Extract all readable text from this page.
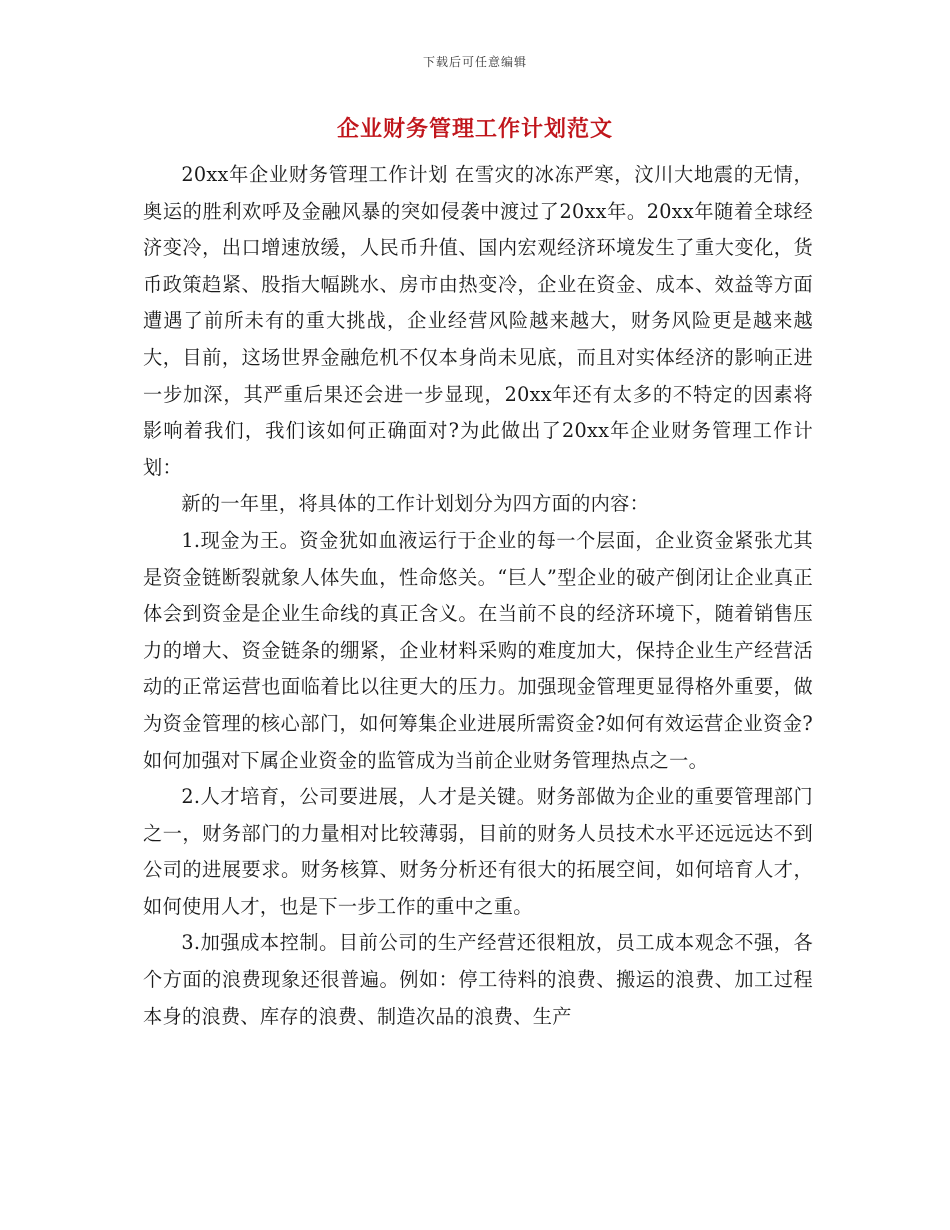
下载后可任意编辑
企业财务管理工作计划范文

20xx年企业财务管理工作计划 在雪灾的冰冻严寒，汶川大地震的无情，奥运的胜利欢呼及金融风暴的突如侵袭中渡过了20xx年。20xx年随着全球经济变冷，出口增速放缓，人民币升值、国内宏观经济环境发生了重大变化，货币政策趋紧、股指大幅跳水、房市由热变冷，企业在资金、成本、效益等方面遭遇了前所未有的重大挑战，企业经营风险越来越大，财务风险更是越来越大，目前，这场世界金融危机不仅本身尚未见底，而且对实体经济的影响正进一步加深，其严重后果还会进一步显现，20xx年还有太多的不特定的因素将影响着我们，我们该如何正确面对?为此做出了20xx年企业财务管理工作计划：

新的一年里，将具体的工作计划划分为四方面的内容：

1.现金为王。资金犹如血液运行于企业的每一个层面，企业资金紧张尤其是资金链断裂就象人体失血，性命悠关。“巨人”型企业的破产倒闭让企业真正体会到资金是企业生命线的真正含义。在当前不良的经济环境下，随着销售压力的增大、资金链条的绷紧，企业材料采购的难度加大，保持企业生产经营活动的正常运营也面临着比以往更大的压力。加强现金管理更显得格外重要，做为资金管理的核心部门，如何筹集企业进展所需资金?如何有效运营企业资金?如何加强对下属企业资金的监管成为当前企业财务管理热点之一。

2.人才培育，公司要进展，人才是关键。财务部做为企业的重要管理部门之一，财务部门的力量相对比较薄弱，目前的财务人员技术水平还远远达不到公司的进展要求。财务核算、财务分析还有很大的拓展空间，如何培育人才，如何使用人才，也是下一步工作的重中之重。

3.加强成本控制。目前公司的生产经营还很粗放，员工成本观念不强，各个方面的浪费现象还很普遍。例如：停工待料的浪费、搬运的浪费、加工过程本身的浪费、库存的浪费、制造次品的浪费、生产
